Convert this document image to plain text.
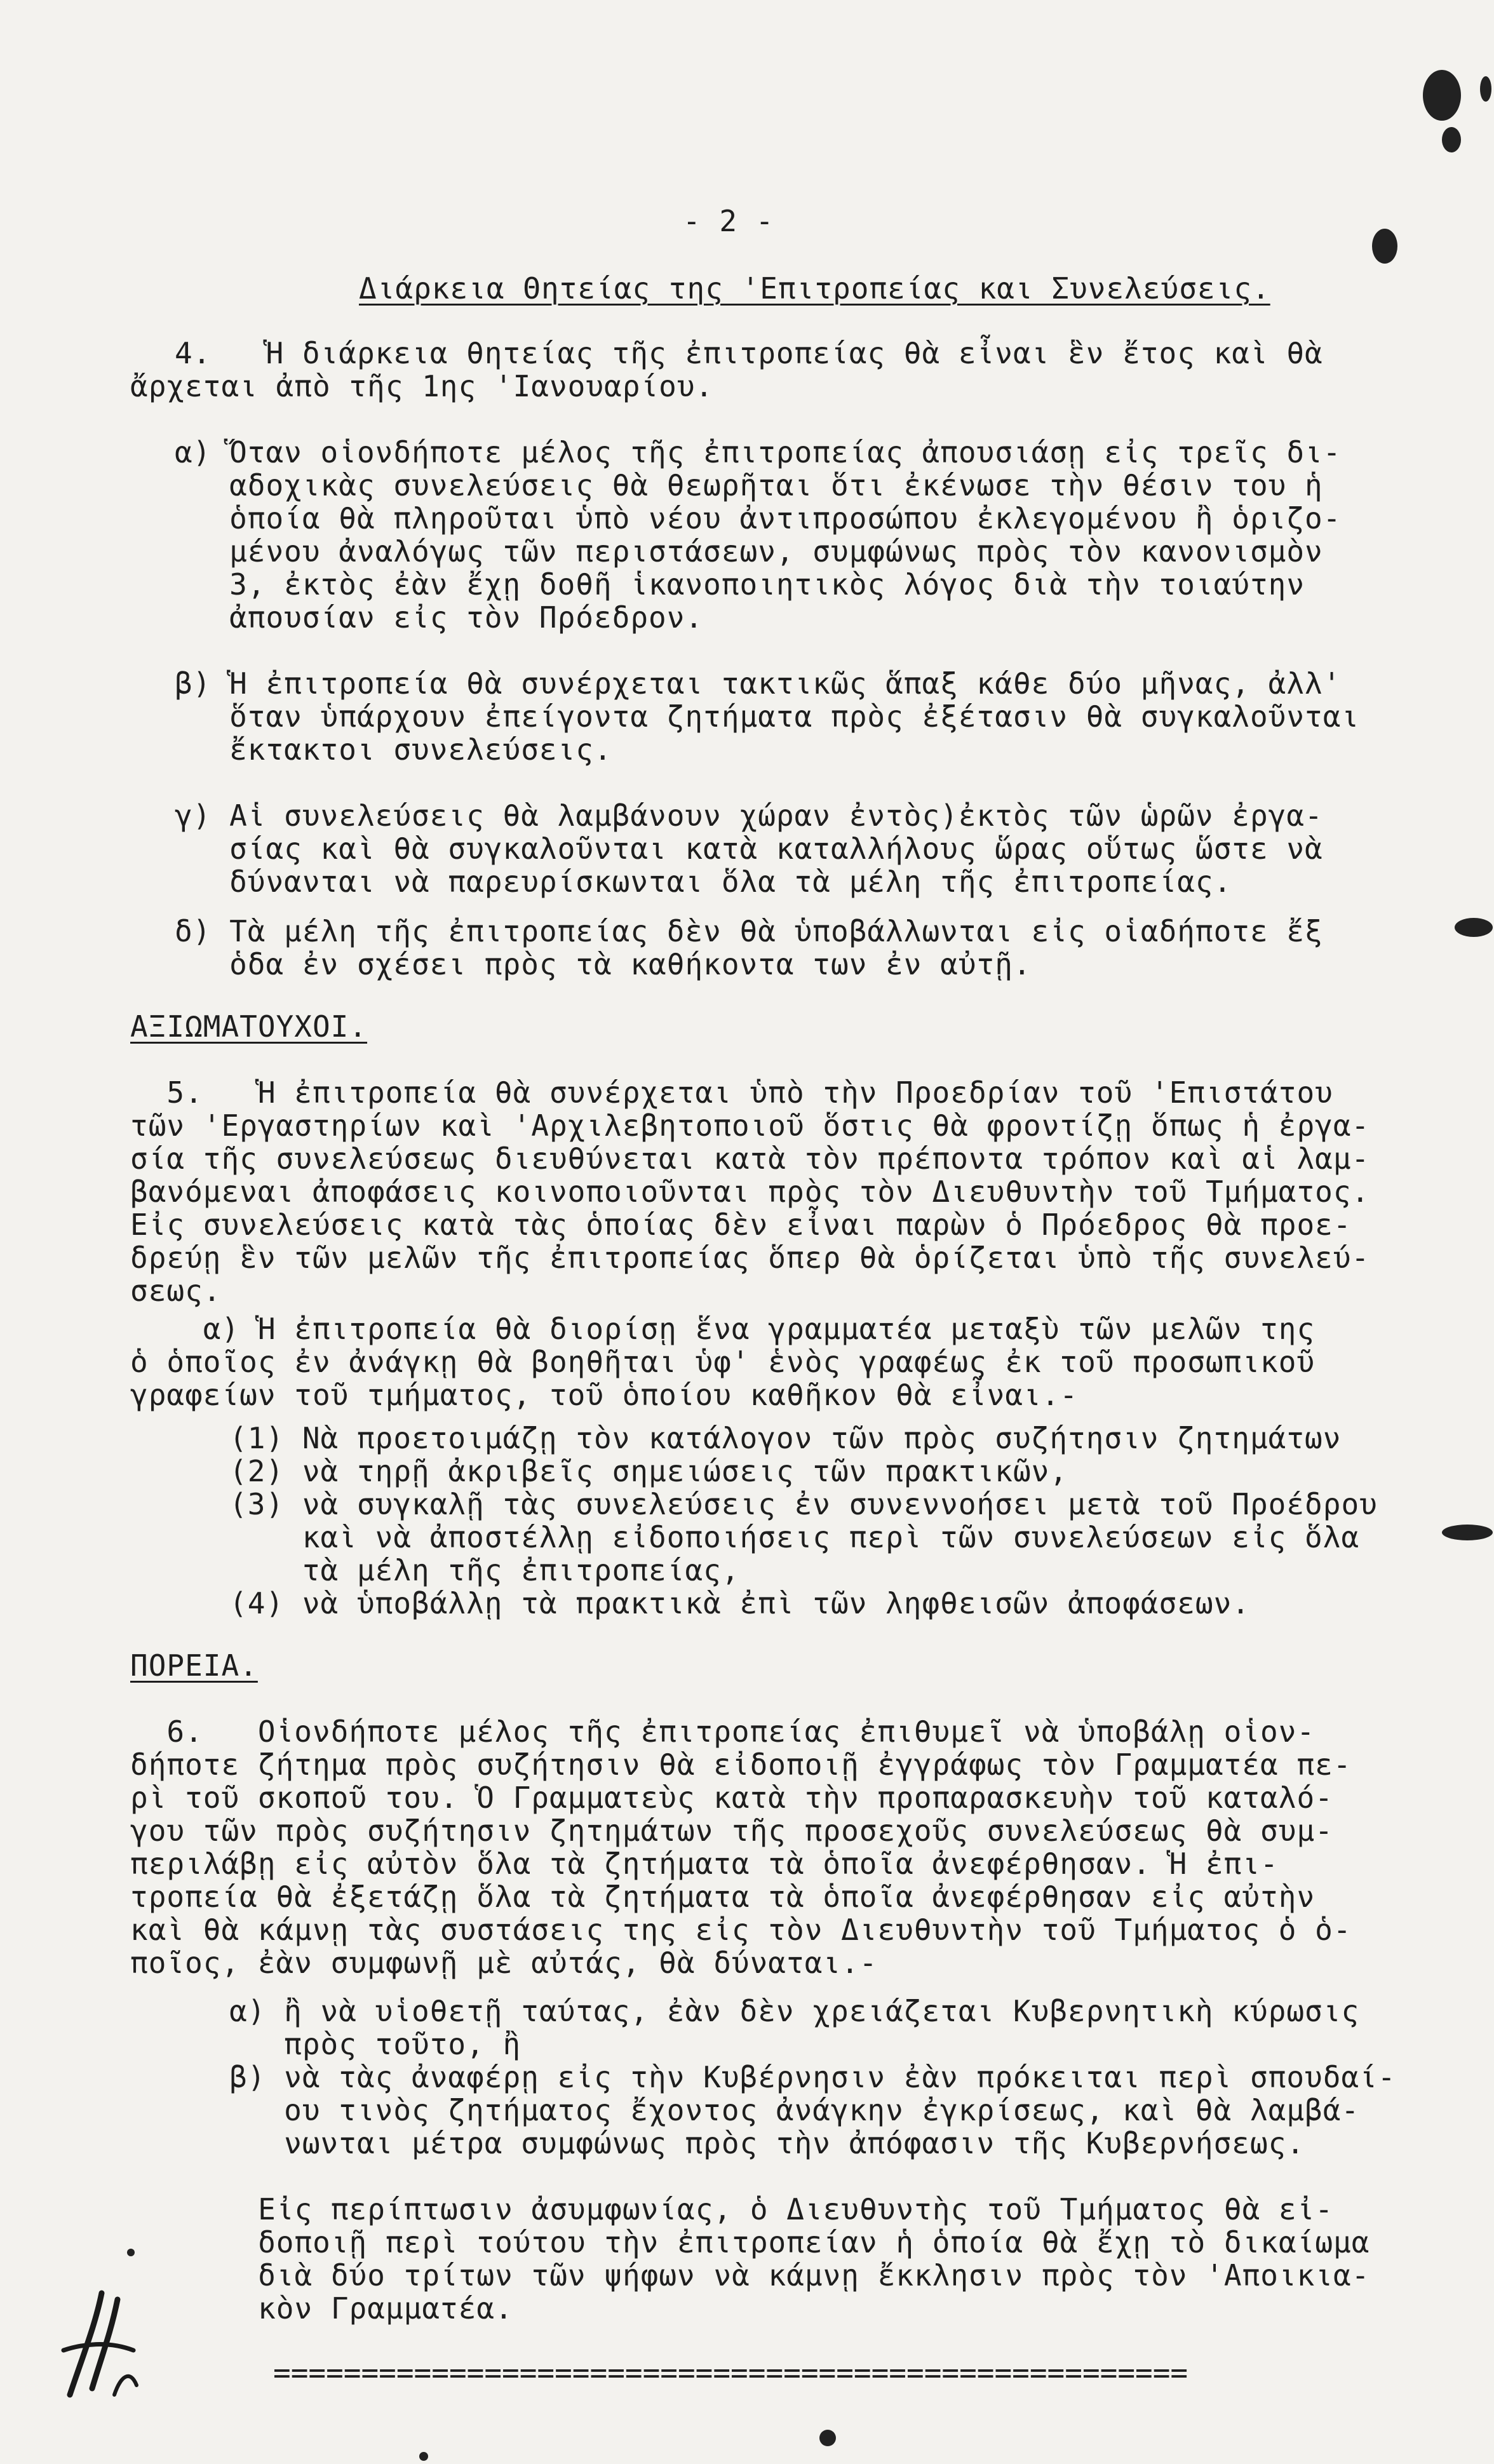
- 2 -
Διάρκεια Θητείας της 'Επιτροπείας και Συνελεύσεις.
4.   Ἡ διάρκεια θητείας τῆς ἐπιτροπείας θὰ εἶναι ἓν ἔτος καὶ θὰ
ἄρχεται ἀπὸ τῆς 1ης 'Ιανουαρίου.
α) Ὅταν οἱονδήποτε μέλος τῆς ἐπιτροπείας ἀπουσιάσῃ εἰς τρεῖς δι-
αδοχικὰς συνελεύσεις θὰ θεωρῆται ὅτι ἐκένωσε τὴν θέσιν του ἡ
ὁποία θὰ πληροῦται ὑπὸ νέου ἀντιπροσώπου ἐκλεγομένου ἢ ὁριζο-
μένου ἀναλόγως τῶν περιστάσεων, συμφώνως πρὸς τὸν κανονισμὸν
3, ἐκτὸς ἐὰν ἔχῃ δοθῆ ἱκανοποιητικὸς λόγος διὰ τὴν τοιαύτην
ἀπουσίαν εἰς τὸν Πρόεδρον.
β) Ἡ ἐπιτροπεία θὰ συνέρχεται τακτικῶς ἅπαξ κάθε δύο μῆνας, ἀλλ'
ὅταν ὑπάρχουν ἐπείγοντα ζητήματα πρὸς ἐξέτασιν θὰ συγκαλοῦνται
ἔκτακτοι συνελεύσεις.
γ) Αἱ συνελεύσεις θὰ λαμβάνουν χώραν ἐντὸς)ἐκτὸς τῶν ὡρῶν ἐργα-
σίας καὶ θὰ συγκαλοῦνται κατὰ καταλλήλους ὥρας οὕτως ὥστε νὰ
δύνανται νὰ παρευρίσκωνται ὅλα τὰ μέλη τῆς ἐπιτροπείας.
δ) Τὰ μέλη τῆς ἐπιτροπείας δὲν θὰ ὑποβάλλωνται εἰς οἱαδήποτε ἔξ
ὁδα ἐν σχέσει πρὸς τὰ καθήκοντα των ἐν αὐτῇ.
ΑΞΙΩΜΑΤΟΥΧΟΙ.
5.   Ἡ ἐπιτροπεία θὰ συνέρχεται ὑπὸ τὴν Προεδρίαν τοῦ 'Επιστάτου
τῶν 'Εργαστηρίων καὶ 'Αρχιλεβητοποιοῦ ὅστις θὰ φροντίζῃ ὅπως ἡ ἐργα-
σία τῆς συνελεύσεως διευθύνεται κατὰ τὸν πρέποντα τρόπον καὶ αἱ λαμ-
βανόμεναι ἀποφάσεις κοινοποιοῦνται πρὸς τὸν Διευθυντὴν τοῦ Τμήματος.
Εἰς συνελεύσεις κατὰ τὰς ὁποίας δὲν εἶναι παρὼν ὁ Πρόεδρος θὰ προε-
δρεύῃ ἓν τῶν μελῶν τῆς ἐπιτροπείας ὅπερ θὰ ὁρίζεται ὑπὸ τῆς συνελεύ-
σεως.
α) Ἡ ἐπιτροπεία θὰ διορίσῃ ἕνα γραμματέα μεταξὺ τῶν μελῶν της
ὁ ὁποῖος ἐν ἀνάγκῃ θὰ βοηθῆται ὑφ' ἑνὸς γραφέως ἐκ τοῦ προσωπικοῦ
γραφείων τοῦ τμήματος, τοῦ ὁποίου καθῆκον θὰ εἶναι.-
(1) Νὰ προετοιμάζῃ τὸν κατάλογον τῶν πρὸς συζήτησιν ζητημάτων
(2) νὰ τηρῇ ἀκριβεῖς σημειώσεις τῶν πρακτικῶν,
(3) νὰ συγκαλῇ τὰς συνελεύσεις ἐν συνεννοήσει μετὰ τοῦ Προέδρου
καὶ νὰ ἀποστέλλῃ εἰδοποιήσεις περὶ τῶν συνελεύσεων εἰς ὅλα
τὰ μέλη τῆς ἐπιτροπείας,
(4) νὰ ὑποβάλλῃ τὰ πρακτικὰ ἐπὶ τῶν ληφθεισῶν ἀποφάσεων.
ΠΟΡΕΙΑ.
6.   Οἱονδήποτε μέλος τῆς ἐπιτροπείας ἐπιθυμεῖ νὰ ὑποβάλῃ οἱον-
δήποτε ζήτημα πρὸς συζήτησιν θὰ εἰδοποιῇ ἐγγράφως τὸν Γραμματέα πε-
ρὶ τοῦ σκοποῦ του. Ὁ Γραμματεὺς κατὰ τὴν προπαρασκευὴν τοῦ καταλό-
γου τῶν πρὸς συζήτησιν ζητημάτων τῆς προσεχοῦς συνελεύσεως θὰ συμ-
περιλάβῃ εἰς αὐτὸν ὅλα τὰ ζητήματα τὰ ὁποῖα ἀνεφέρθησαν. Ἡ ἐπι-
τροπεία θὰ ἐξετάζῃ ὅλα τὰ ζητήματα τὰ ὁποῖα ἀνεφέρθησαν εἰς αὐτὴν
καὶ θὰ κάμνῃ τὰς συστάσεις της εἰς τὸν Διευθυντὴν τοῦ Τμήματος ὁ ὁ-
ποῖος, ἐὰν συμφωνῇ μὲ αὐτάς, θὰ δύναται.-
α) ἢ νὰ υἱοθετῇ ταύτας, ἐὰν δὲν χρειάζεται Κυβερνητικὴ κύρωσις
πρὸς τοῦτο, ἢ
β) νὰ τὰς ἀναφέρῃ εἰς τὴν Κυβέρνησιν ἐὰν πρόκειται περὶ σπουδαί-
ου τινὸς ζητήματος ἔχοντος ἀνάγκην ἐγκρίσεως, καὶ θὰ λαμβά-
νωνται μέτρα συμφώνως πρὸς τὴν ἀπόφασιν τῆς Κυβερνήσεως.
Εἰς περίπτωσιν ἀσυμφωνίας, ὁ Διευθυντὴς τοῦ Τμήματος θὰ εἰ-
δοποιῇ περὶ τούτου τὴν ἐπιτροπείαν ἡ ὁποία θὰ ἔχῃ τὸ δικαίωμα
διὰ δύο τρίτων τῶν ψήφων νὰ κάμνῃ ἔκκλησιν πρὸς τὸν 'Αποικια-
κὸν Γραμματέα.
====================================================
